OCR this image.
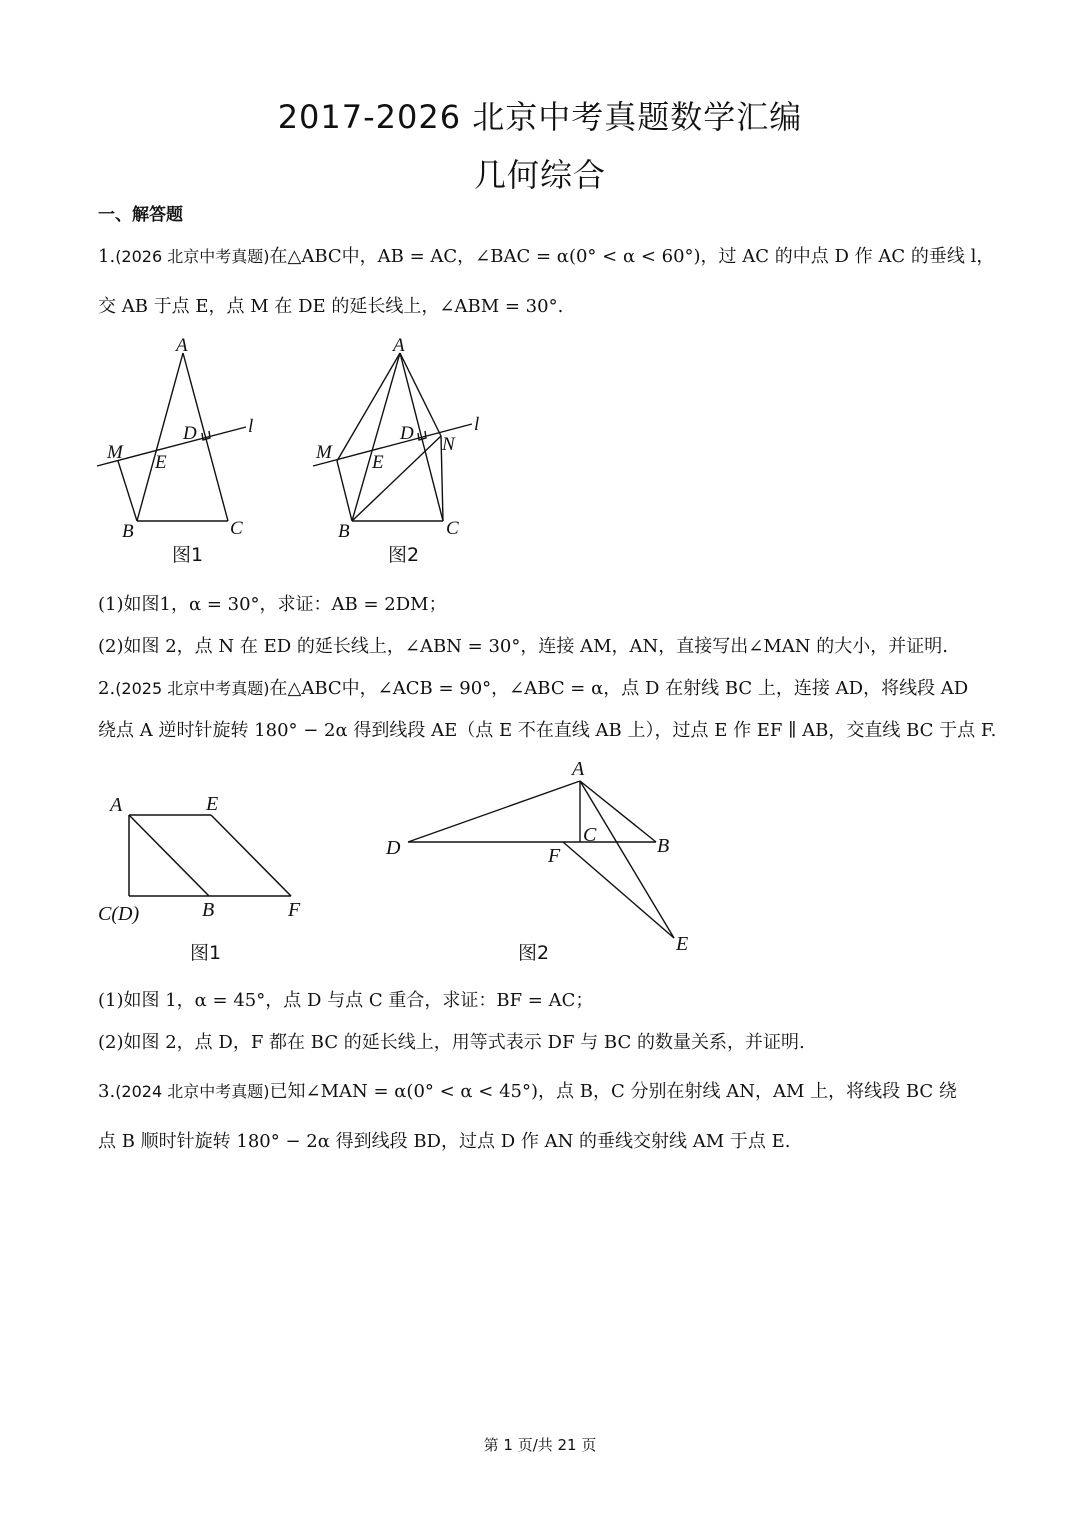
2017-2026 北京中考真题数学汇编
几何综合
一、解答题
1.(2026 北京中考真题)在△ABC中，AB = AC，∠BAC = α(0° < α < 60°)，过 AC 的中点 D 作 AC 的垂线 l，
交 AB 于点 E，点 M 在 DE 的延长线上，∠ABM = 30°.
A
D	l
M E
B	C
图1
A
D
N
l
M E
B	C
图2
(1)如图1，α = 30°，求证：AB = 2DM；
(2)如图 2，点 N 在 ED 的延长线上，∠ABN = 30°，连接 AM，AN，直接写出∠MAN 的大小，并证明.
2.(2025 北京中考真题)在△ABC中，∠ACB = 90°，∠ABC = α，点 D 在射线 BC 上，连接 AD，将线段 AD
绕点 A 逆时针旋转 180° − 2α 得到线段 AE（点 E 不在直线 AB 上），过点 E 作 EF ∥ AB，交直线 BC 于点 F.
A	E
C(D)	B	F
图1
A
C
D	F	B
E
图2
(1)如图 1，α = 45°，点 D 与点 C 重合，求证：BF = AC；
(2)如图 2，点 D，F 都在 BC 的延长线上，用等式表示 DF 与 BC 的数量关系，并证明.
3.(2024 北京中考真题)已知∠MAN = α(0° < α < 45°)，点 B，C 分别在射线 AN，AM 上，将线段 BC 绕
点 B 顺时针旋转 180° − 2α 得到线段 BD，过点 D 作 AN 的垂线交射线 AM 于点 E.
第 1 页/共 21 页
